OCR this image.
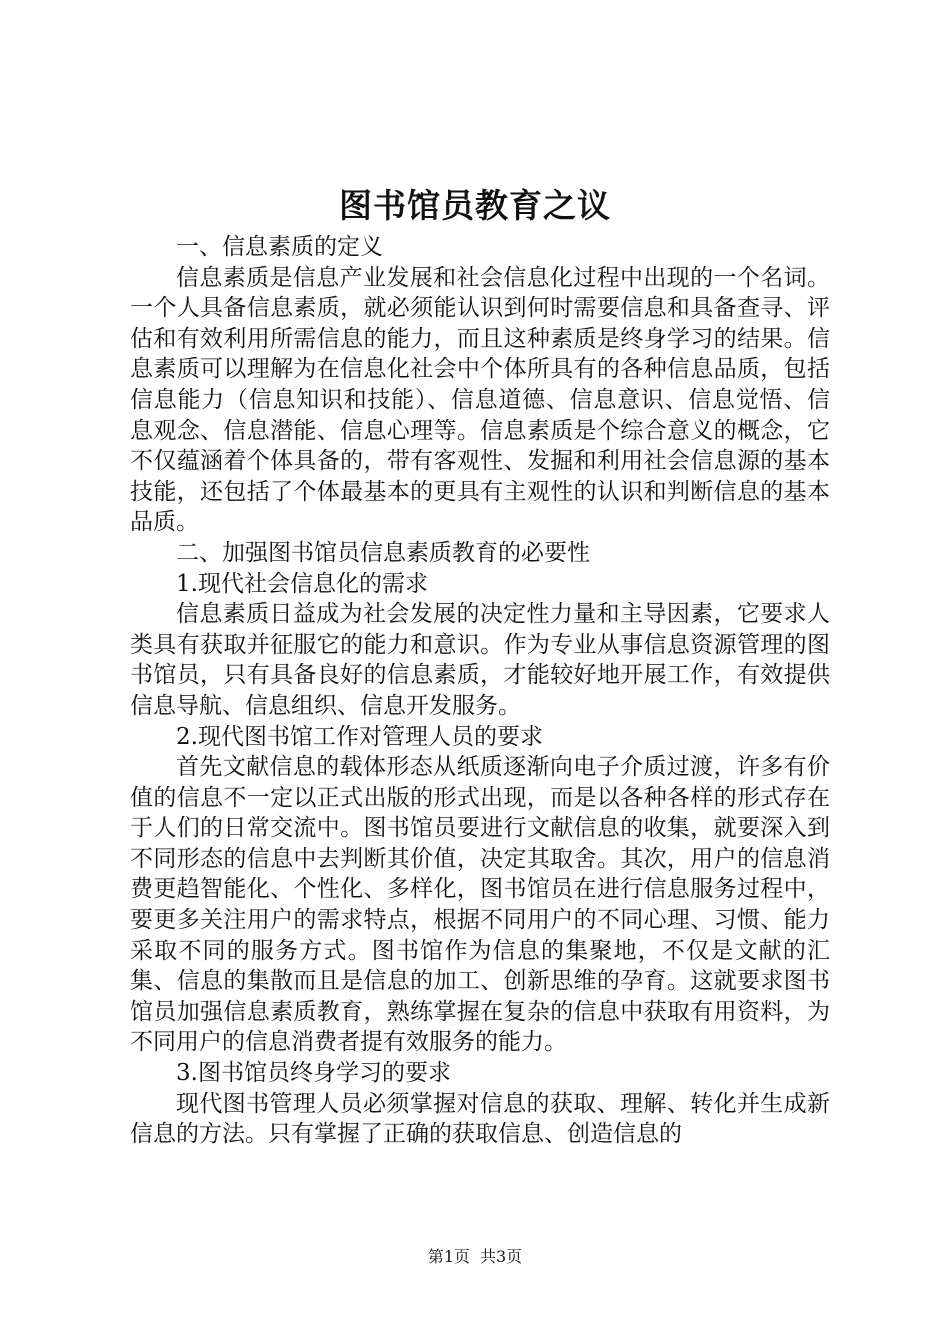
图书馆员教育之议

一、信息素质的定义

信息素质是信息产业发展和社会信息化过程中出现的一个名词。一个人具备信息素质，就必须能认识到何时需要信息和具备查寻、评估和有效利用所需信息的能力，而且这种素质是终身学习的结果。信息素质可以理解为在信息化社会中个体所具有的各种信息品质，包括信息能力（信息知识和技能）、信息道德、信息意识、信息觉悟、信息观念、信息潜能、信息心理等。信息素质是个综合意义的概念，它不仅蕴涵着个体具备的，带有客观性、发掘和利用社会信息源的基本技能，还包括了个体最基本的更具有主观性的认识和判断信息的基本品质。

二、加强图书馆员信息素质教育的必要性

1.现代社会信息化的需求

信息素质日益成为社会发展的决定性力量和主导因素，它要求人类具有获取并征服它的能力和意识。作为专业从事信息资源管理的图书馆员，只有具备良好的信息素质，才能较好地开展工作，有效提供信息导航、信息组织、信息开发服务。

2.现代图书馆工作对管理人员的要求

首先文献信息的载体形态从纸质逐渐向电子介质过渡，许多有价值的信息不一定以正式出版的形式出现，而是以各种各样的形式存在于人们的日常交流中。图书馆员要进行文献信息的收集，就要深入到不同形态的信息中去判断其价值，决定其取舍。其次，用户的信息消费更趋智能化、个性化、多样化，图书馆员在进行信息服务过程中，要更多关注用户的需求特点，根据不同用户的不同心理、习惯、能力采取不同的服务方式。图书馆作为信息的集聚地，不仅是文献的汇集、信息的集散而且是信息的加工、创新思维的孕育。这就要求图书馆员加强信息素质教育，熟练掌握在复杂的信息中获取有用资料，为不同用户的信息消费者提有效服务的能力。

3.图书馆员终身学习的要求

现代图书管理人员必须掌握对信息的获取、理解、转化并生成新信息的方法。只有掌握了正确的获取信息、创造信息的

第1页 共3页
